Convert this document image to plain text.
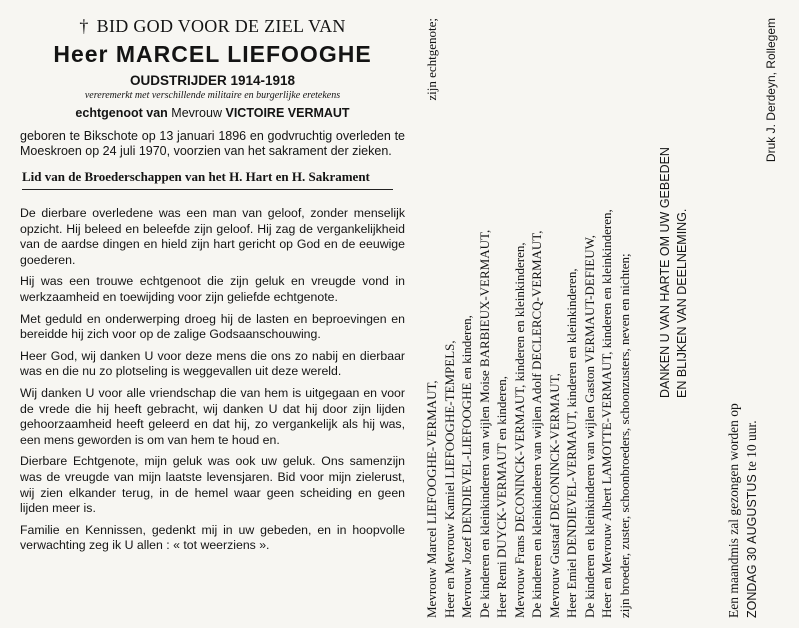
† BID GOD VOOR DE ZIEL VAN
Heer MARCEL LIEFOOGHE
OUDSTRIJDER 1914-1918
vereremerkt met verschillende militaire en burgerlijke eretekens
echtgenoot van Mevrouw VICTOIRE VERMAUT
geboren te Bikschote op 13 januari 1896 en godvruchtig overleden te Moeskroen op 24 juli 1970, voorzien van het sakrament der zieken.
Lid van de Broederschappen van het H. Hart en H. Sakrament

De dierbare overledene was een man van geloof, zonder menselijk opzicht. Hij beleed en beleefde zijn geloof. Hij zag de vergankelijkheid van de aardse dingen en hield zijn hart gericht op God en de eeuwige goederen.

Hij was een trouwe echtgenoot die zijn geluk en vreugde vond in werkzaamheid en toewijding voor zijn geliefde echtgenote.

Met geduld en onderwerping droeg hij de lasten en beproevingen en bereidde hij zich voor op de zalige Godsaanschouwing.

Heer God, wij danken U voor deze mens die ons zo nabij en dierbaar was en die nu zo plotseling is weggevallen uit deze wereld.

Wij danken U voor alle vriendschap die van hem is uitgegaan en voor de vrede die hij heeft gebracht, wij danken U dat hij door zijn lijden gehoorzaamheid heeft geleerd en dat hij, zo vergankelijk als hij was, een mens geworden is om van hem te houd en.

Dierbare Echtgenote, mijn geluk was ook uw geluk. Ons samenzijn was de vreugde van mijn laatste levensjaren. Bid voor mijn zielerust, wij zien elkander terug, in de hemel waar geen scheiding en geen lijden meer is.

Familie en Kennissen, gedenkt mij in uw gebeden, en in hoopvolle verwachting zeg ik U allen : « tot weerziens ».	Mevrouw Marcel LIEFOOGHE-VERMAUT,
zijn echtgenote;
Heer en Mevrouw Kamiel LIEFOOGHE-TEMPELS, Mevrouw Jozef DENDIEVEL-LIEFOOGHE en kinderen, De kinderen en kleinkinderen van wijlen Moise BARBIEUX-VERMAUT, Heer Remi DUYCK-VERMAUT en kinderen, Mevrouw Frans DECONINCK-VERMAUT, kinderen en kleinkinderen, De kinderen en kleinkinderen van wijlen Adolf DECLERCQ-VERMAUT, Mevrouw Gustaaf DECONINCK-VERMAUT, Heer Emiel DENDIEVEL-VERMAUT, kinderen en kleinkinderen, De kinderen en kleinkinderen van wijlen Gaston VERMAUT-DEFIEUW, Heer en Mevrouw Albert LAMOTTE-VERMAUT, kinderen en kleinkinderen, zijn broeder, zuster, schoonbroeders, schoonzusters, neven en nichten; DANKEN U VAN HARTE OM UW GEBEDEN EN BLIJKEN VAN DEELNEMING.
Een maandmis zal gezongen worden op ZONDAG 30 AUGUSTUS te 10 uur.
Druk J. Derdeyn, Rollegem
